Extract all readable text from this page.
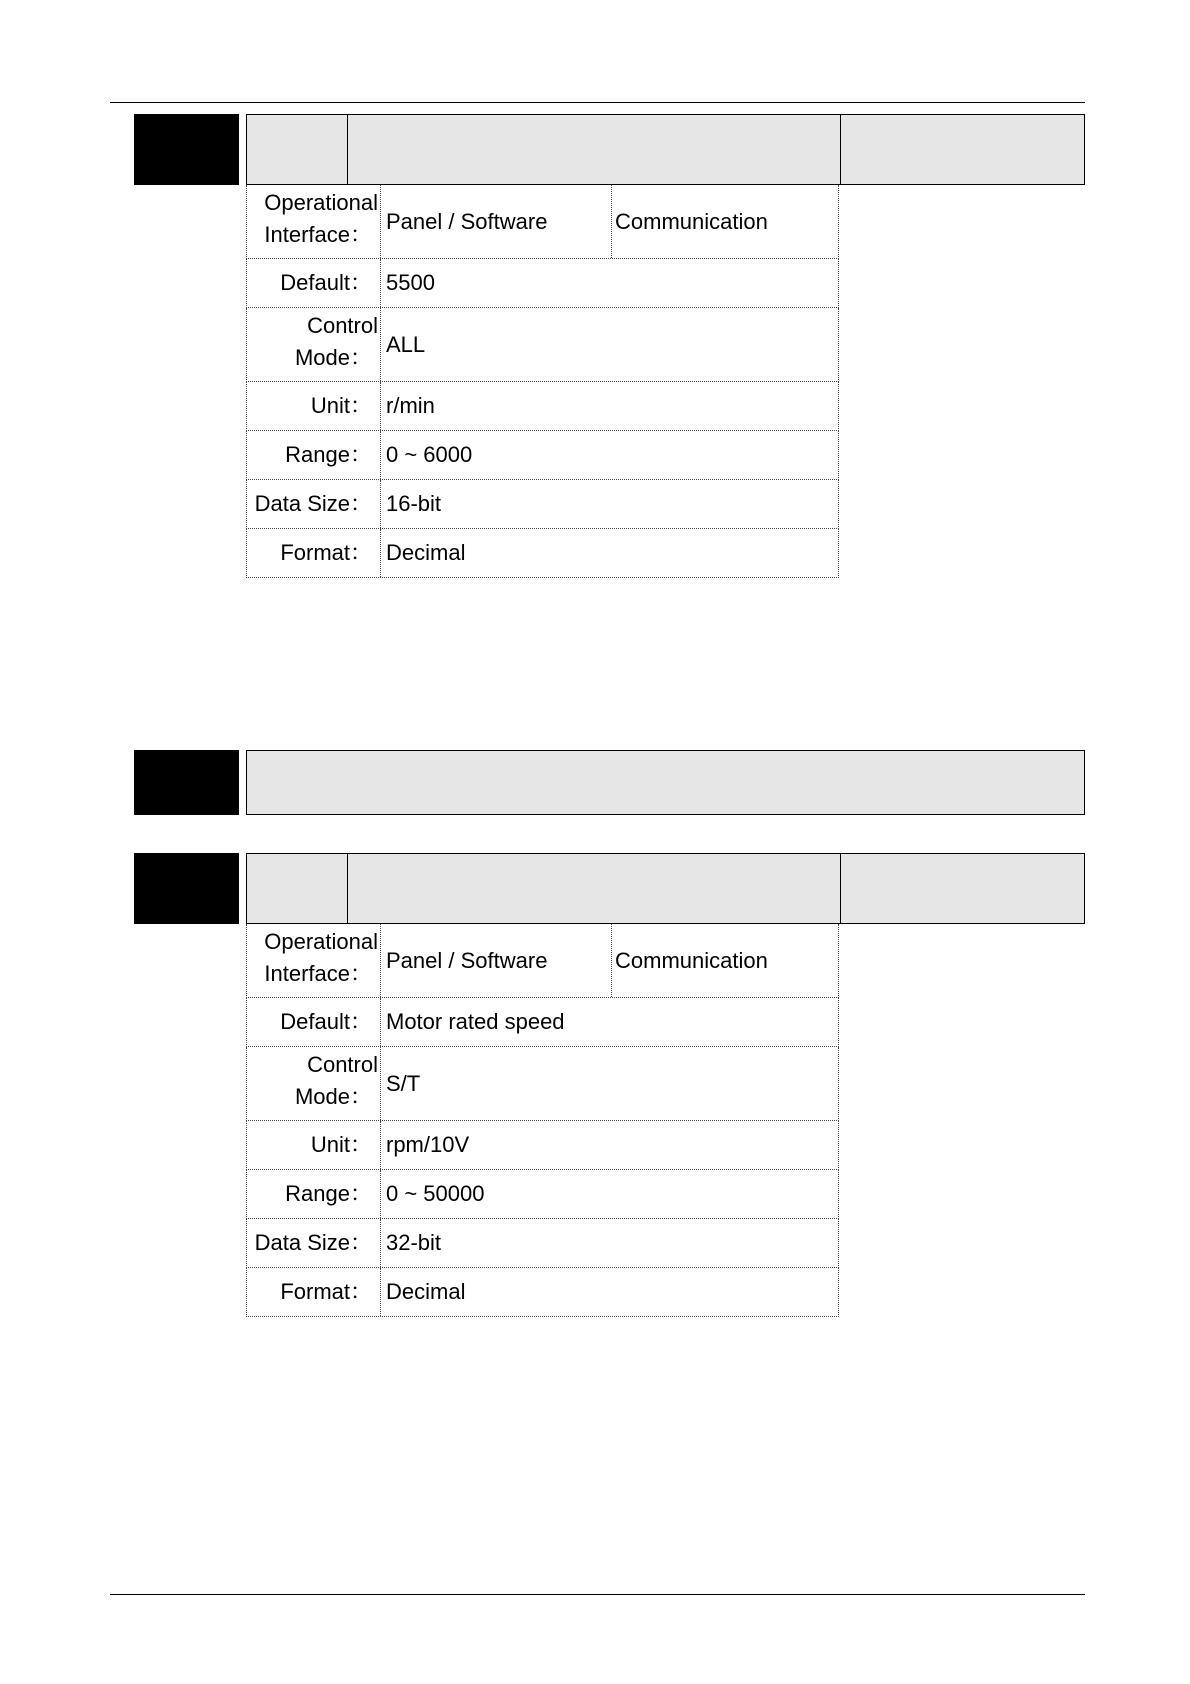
Operational
Interface：
Panel / Software	Communication
Default： 5500
Control
Mode：
ALL
Unit： r/min
Range： 0 ~ 6000
Data Size： 16-bit
Format： Decimal
Operational
Interface：
Panel / Software	Communication
Default： Motor rated speed
Control
Mode：
S/T
Unit： rpm/10V
Range： 0 ~ 50000
Data Size： 32-bit
Format： Decimal
